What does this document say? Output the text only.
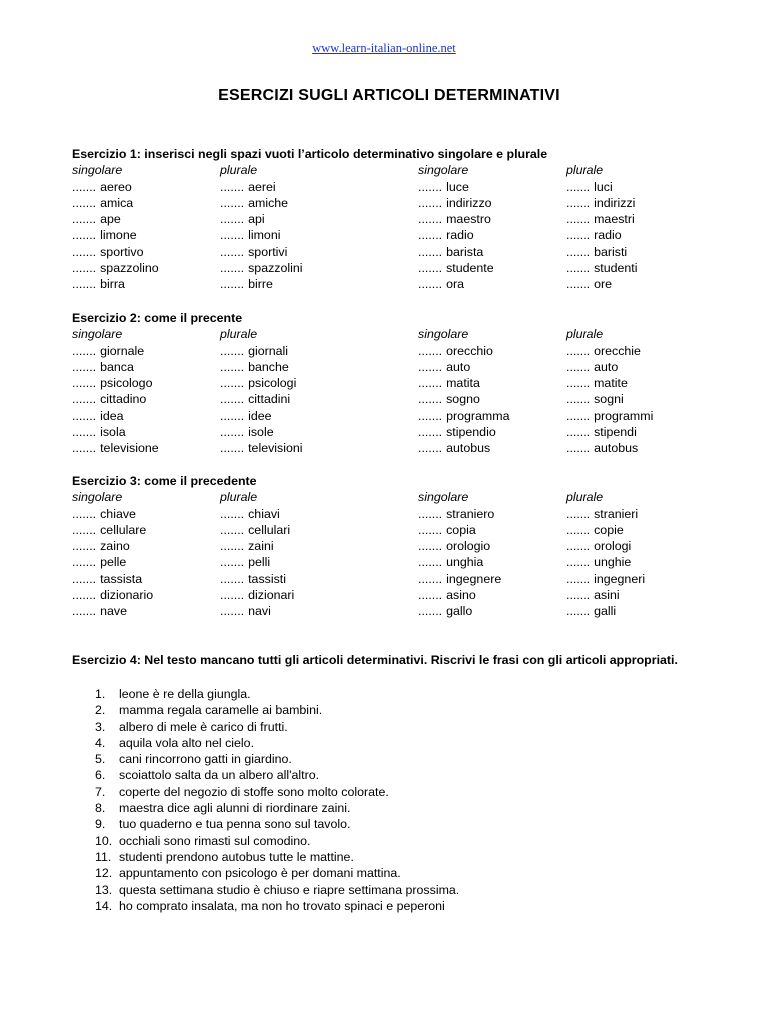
www.learn-italian-online.net
ESERCIZI SUGLI ARTICOLI DETERMINATIVI
Esercizio 1: inserisci negli spazi vuoti l’articolo determinativo singolare e plurale
singolare	plurale	singolare	plurale
....... aereo	....... aerei	....... luce	....... luci
....... amica	....... amiche	....... indirizzo	....... indirizzi
....... ape	....... api	....... maestro	....... maestri
....... limone	....... limoni	....... radio	....... radio
....... sportivo	....... sportivi	....... barista	....... baristi
....... spazzolino	....... spazzolini	....... studente	....... studenti
....... birra	....... birre	....... ora	....... ore
Esercizio 2: come il precente
singolare	plurale	singolare	plurale
....... giornale	....... giornali	....... orecchio	....... orecchie
....... banca	....... banche	....... auto	....... auto
....... psicologo	....... psicologi	....... matita	....... matite
....... cittadino	....... cittadini	....... sogno	....... sogni
....... idea	....... idee	....... programma	....... programmi
....... isola	....... isole	....... stipendio	....... stipendi
....... televisione	....... televisioni	....... autobus	....... autobus
Esercizio 3: come il precedente
singolare	plurale	singolare	plurale
....... chiave	....... chiavi	....... straniero	....... stranieri
....... cellulare	....... cellulari	....... copia	....... copie
....... zaino	....... zaini	....... orologio	....... orologi
....... pelle	....... pelli	....... unghia	....... unghie
....... tassista	....... tassisti	....... ingegnere	....... ingegneri
....... dizionario	....... dizionari	....... asino	....... asini
....... nave	....... navi	....... gallo	....... galli
Esercizio 4: Nel testo mancano tutti gli articoli determinativi. Riscrivi le frasi con gli articoli appropriati.
1. leone è re della giungla.
2. mamma regala caramelle ai bambini.
3. albero di mele è carico di frutti.
4. aquila vola alto nel cielo.
5. cani rincorrono gatti in giardino.
6. scoiattolo salta da un albero all'altro.
7. coperte del negozio di stoffe sono molto colorate.
8. maestra dice agli alunni di riordinare zaini.
9. tuo quaderno e tua penna sono sul tavolo.
10. occhiali sono rimasti sul comodino.
11. studenti prendono autobus tutte le mattine.
12. appuntamento con psicologo è per domani mattina.
13. questa settimana studio è chiuso e riapre settimana prossima.
14. ho comprato insalata, ma non ho trovato spinaci e peperoni
